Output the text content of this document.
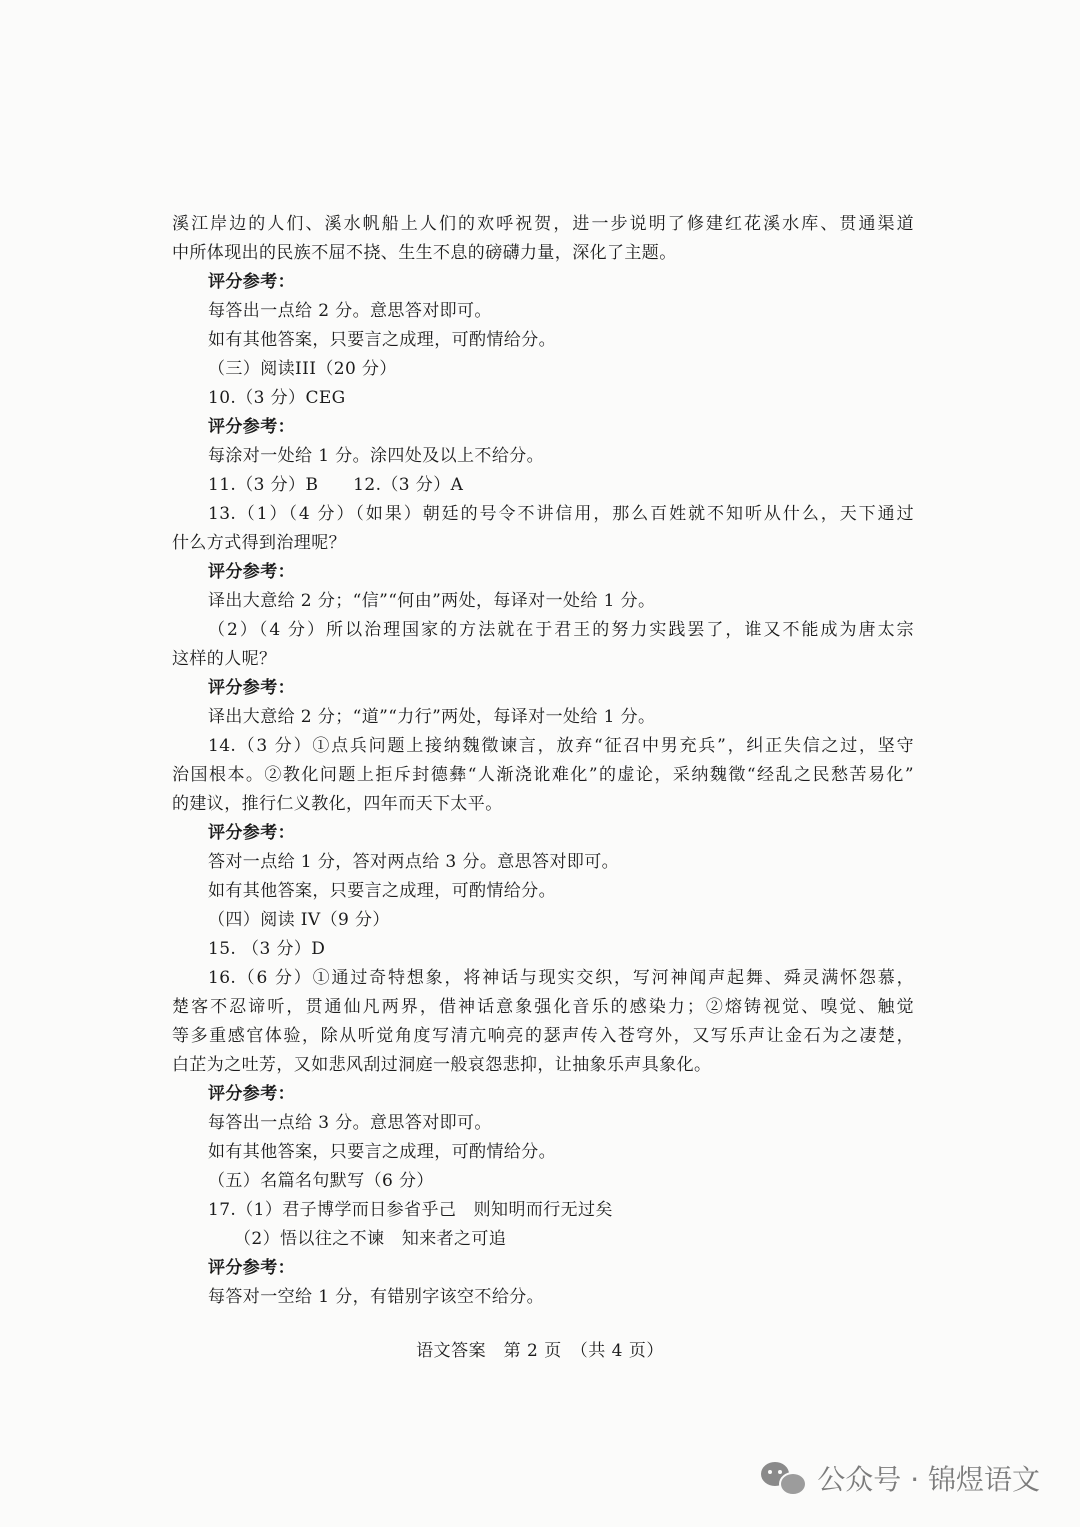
溪江岸边的人们、溪水帆船上人们的欢呼祝贺，进一步说明了修建红花溪水库、贯通渠道
中所体现出的民族不屈不挠、生生不息的磅礴力量，深化了主题。
评分参考：
每答出一点给 2 分。意思答对即可。
如有其他答案，只要言之成理，可酌情给分。
（三）阅读III（20 分）
10.（3 分）CEG
评分参考：
每涂对一处给 1 分。涂四处及以上不给分。
11.（3 分）B　　12.（3 分）A
13.（1）（4 分）（如果）朝廷的号令不讲信用，那么百姓就不知听从什么，天下通过
什么方式得到治理呢？
评分参考：
译出大意给 2 分；“信”“何由”两处，每译对一处给 1 分。
（2）（4 分）所以治理国家的方法就在于君王的努力实践罢了，谁又不能成为唐太宗
这样的人呢？
评分参考：
译出大意给 2 分；“道”“力行”两处，每译对一处给 1 分。
14.（3 分）①点兵问题上接纳魏徵谏言，放弃“征召中男充兵”，纠正失信之过，坚守
治国根本。②教化问题上拒斥封德彝“人渐浇讹难化”的虚论，采纳魏徵“经乱之民愁苦易化”
的建议，推行仁义教化，四年而天下太平。
评分参考：
答对一点给 1 分，答对两点给 3 分。意思答对即可。
如有其他答案，只要言之成理，可酌情给分。
（四）阅读 IV（9 分）
15. （3 分）D
16.（6 分）①通过奇特想象，将神话与现实交织，写河神闻声起舞、舜灵满怀怨慕，
楚客不忍谛听，贯通仙凡两界，借神话意象强化音乐的感染力；②熔铸视觉、嗅觉、触觉
等多重感官体验，除从听觉角度写清亢响亮的瑟声传入苍穹外，又写乐声让金石为之凄楚，
白芷为之吐芳，又如悲风刮过洞庭一般哀怨悲抑，让抽象乐声具象化。
评分参考：
每答出一点给 3 分。意思答对即可。
如有其他答案，只要言之成理，可酌情给分。
（五）名篇名句默写（6 分）
17.（1）君子博学而日参省乎己　则知明而行无过矣
（2）悟以往之不谏　知来者之可追
评分参考：
每答对一空给 1 分，有错别字该空不给分。
语文答案　第 2 页　（共 4 页）
公众号 · 锦煜语文
